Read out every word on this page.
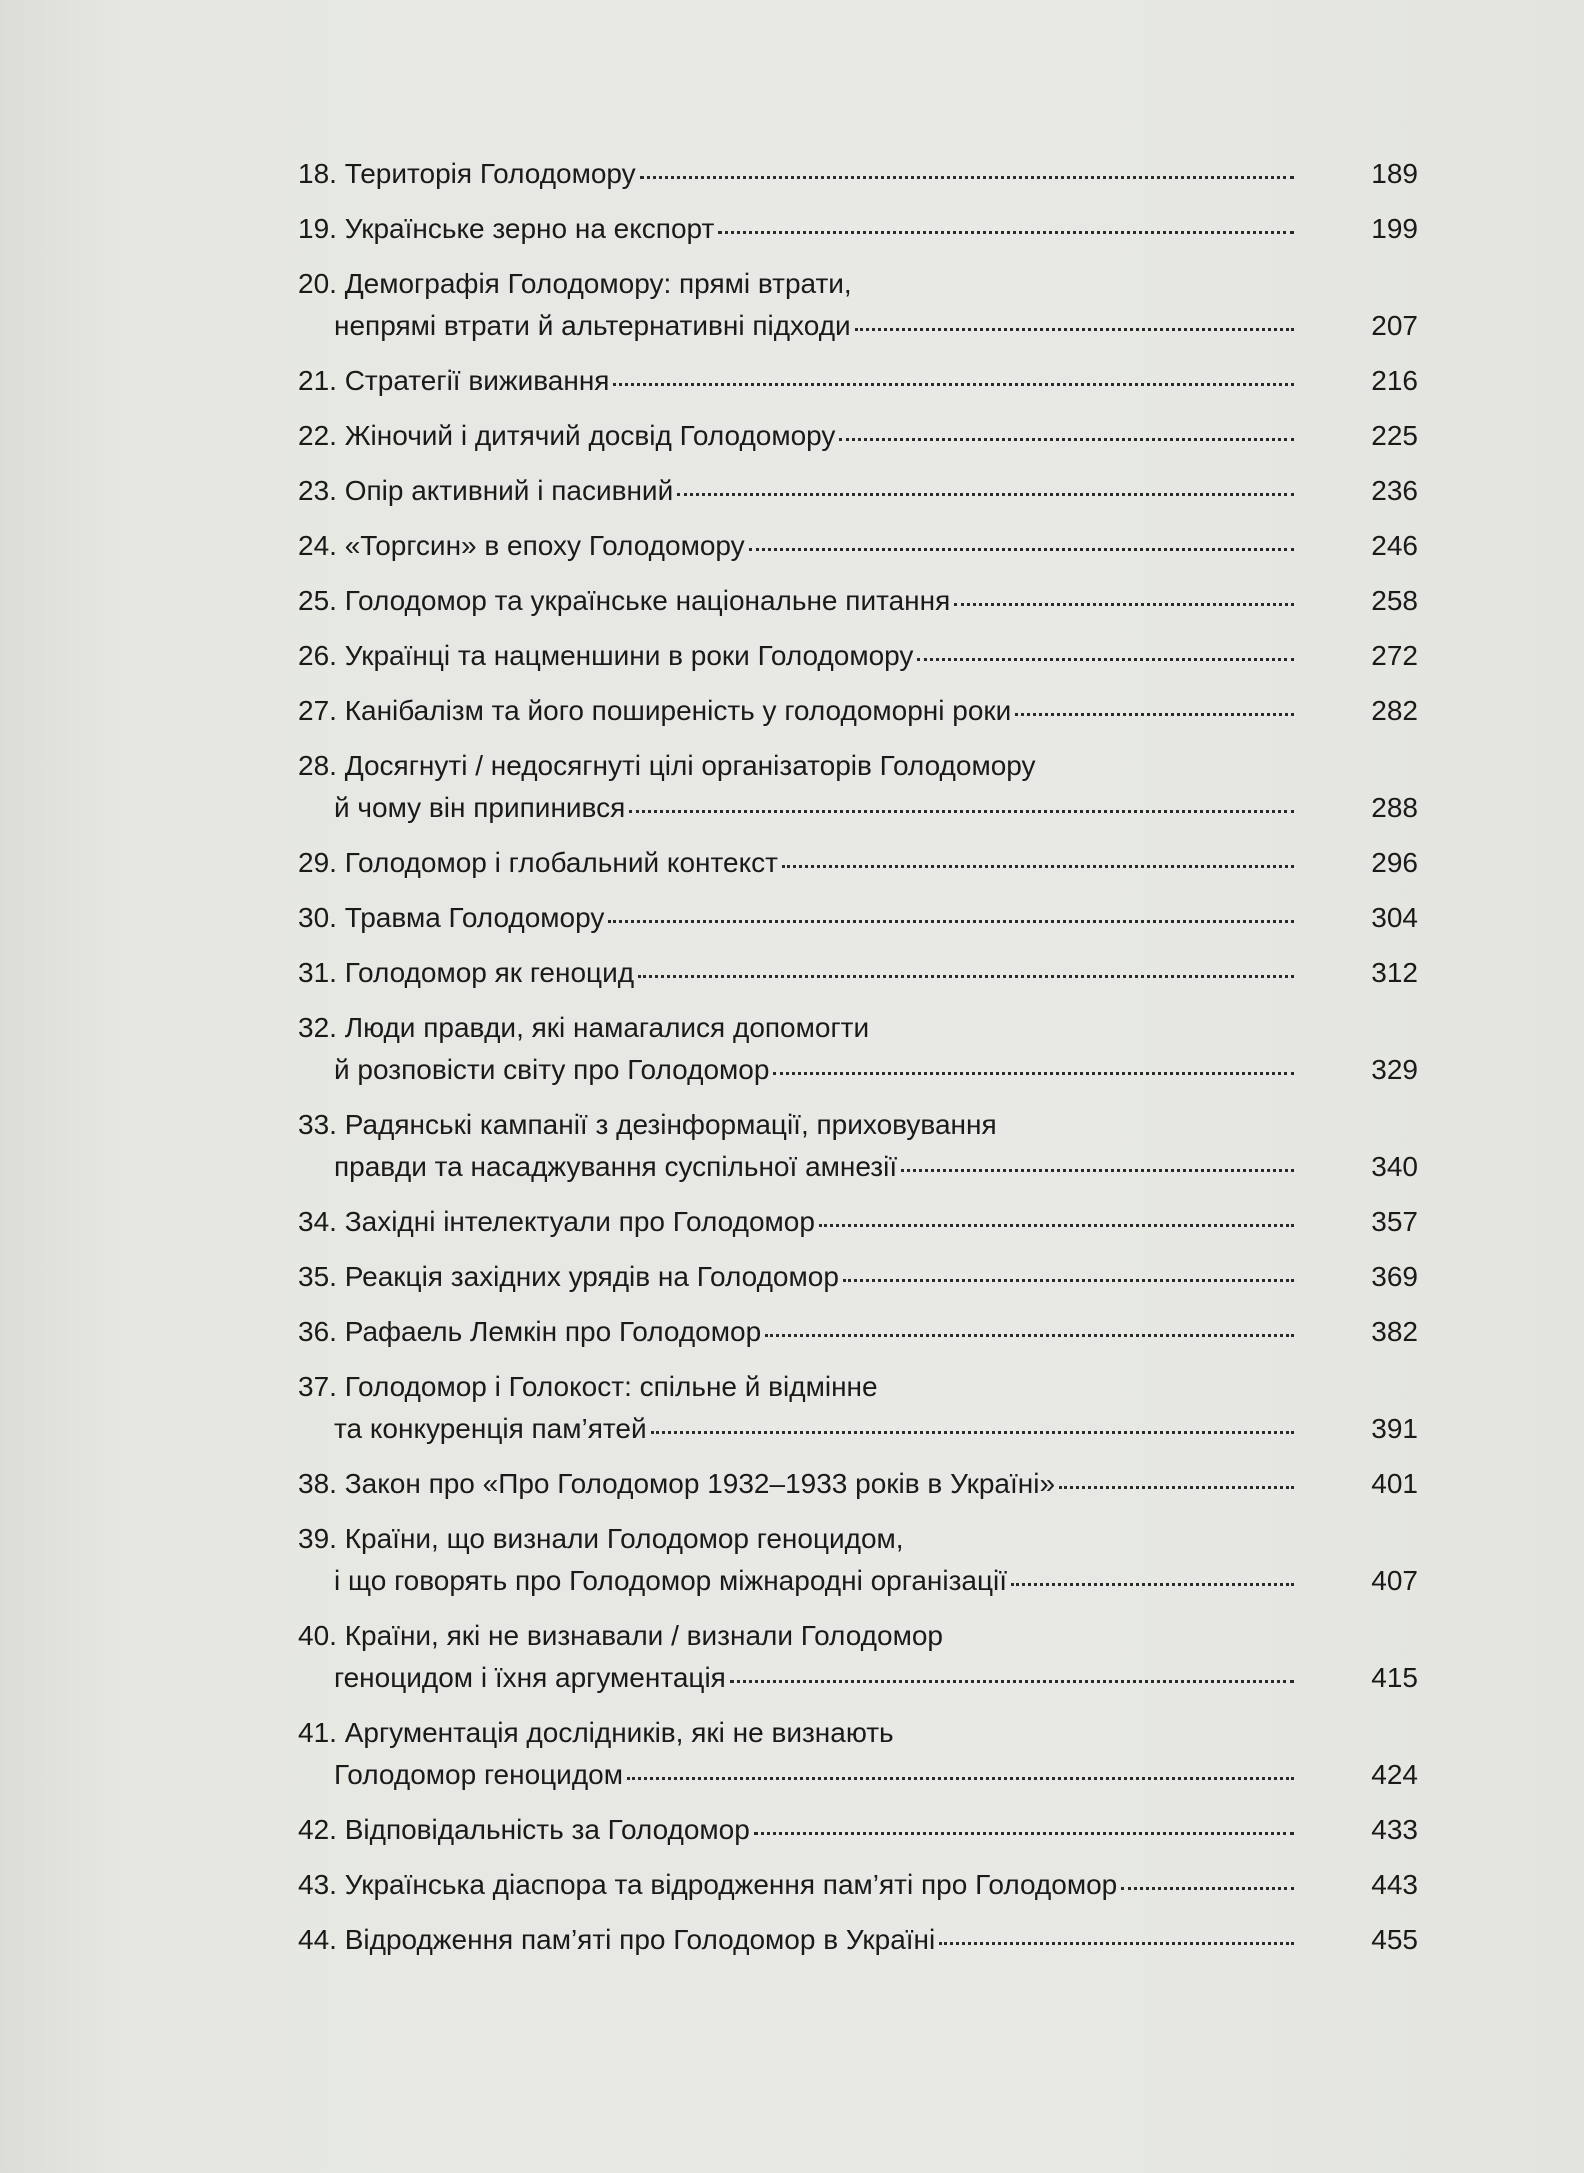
18. Територія Голодомору	189
19. Українське зерно на експорт	199
20. Демографія Голодомору: прямі втрати,
непрямі втрати й альтернативні підходи	207
21. Стратегії виживання	216
22. Жіночий і дитячий досвід Голодомору	225
23. Опір активний і пасивний	236
24. «Торгсин» в епоху Голодомору	246
25. Голодомор та українське національне питання	258
26. Українці та нацменшини в роки Голодомору	272
27. Канібалізм та його поширеність у голодоморні роки	282
28. Досягнуті / недосягнуті цілі організаторів Голодомору
й чому він припинився	288
29. Голодомор і глобальний контекст	296
30. Травма Голодомору	304
31. Голодомор як геноцид	312
32. Люди правди, які намагалися допомогти
й розповісти світу про Голодомор	329
33. Радянські кампанії з дезінформації, приховування
правди та насаджування суспільної амнезії	340
34. Західні інтелектуали про Голодомор	357
35. Реакція західних урядів на Голодомор	369
36. Рафаель Лемкін про Голодомор	382
37. Голодомор і Голокост: спільне й відмінне
та конкуренція пам’ятей	391
38. Закон про «Про Голодомор 1932–1933 років в Україні»	401
39. Країни, що визнали Голодомор геноцидом,
і що говорять про Голодомор міжнародні організації	407
40. Країни, які не визнавали / визнали Голодомор
геноцидом і їхня аргументація	415
41. Аргументація дослідників, які не визнають
Голодомор геноцидом	424
42. Відповідальність за Голодомор	433
43. Українська діаспора та відродження пам’яті про Голодомор	443
44. Відродження пам’яті про Голодомор в Україні	455
